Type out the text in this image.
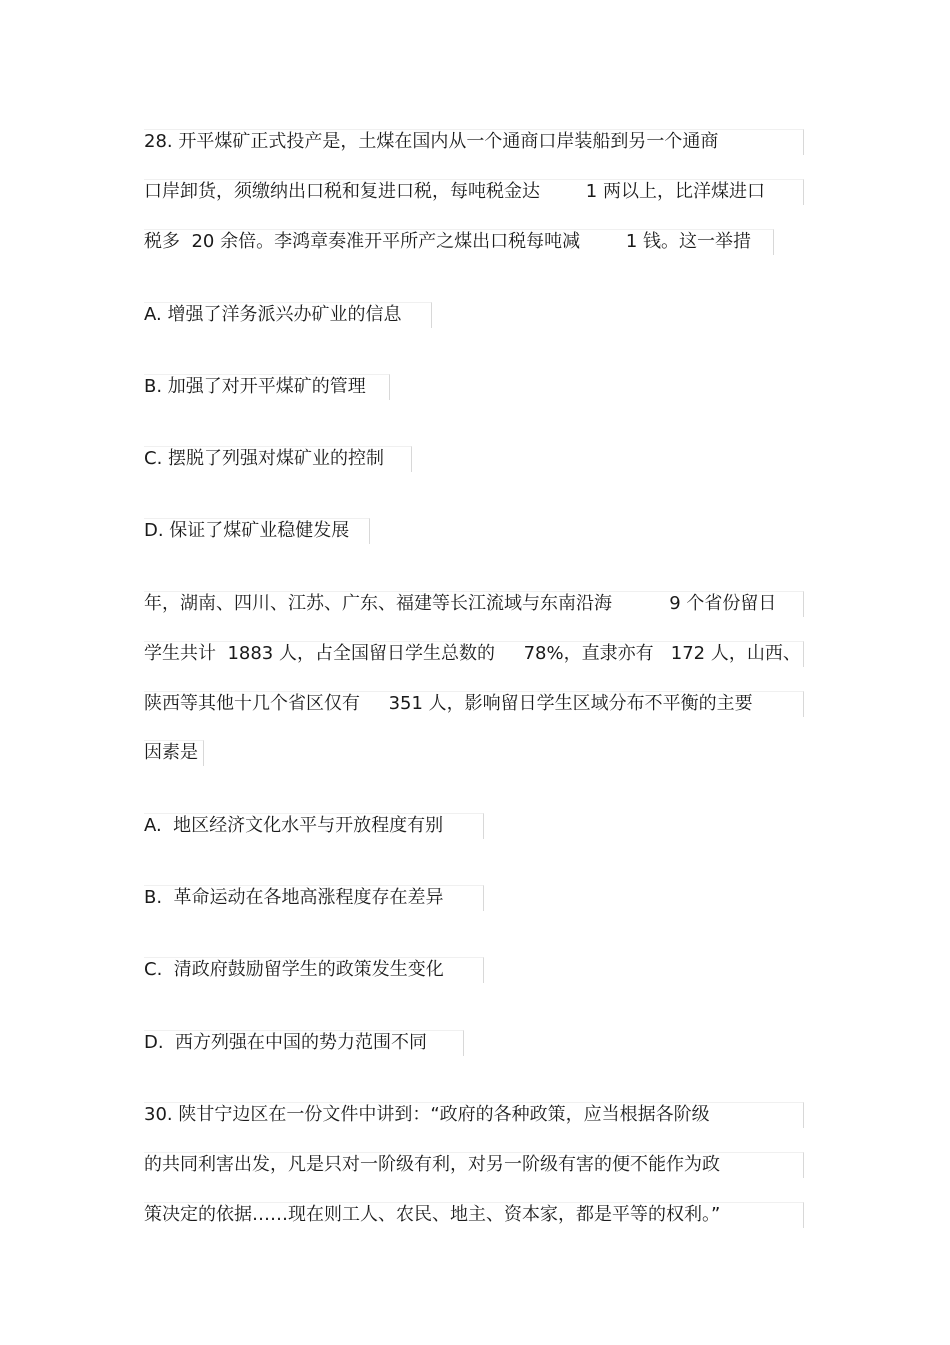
28. 开平煤矿正式投产是，土煤在国内从一个通商口岸装船到另一个通商
口岸卸货，须缴纳出口税和复进口税，每吨税金达        1 两以上，比洋煤进口
税多  20 余倍。李鸿章奏准开平所产之煤出口税每吨减        1 钱。这一举措
A. 增强了洋务派兴办矿业的信息
B. 加强了对开平煤矿的管理
C. 摆脱了列强对煤矿业的控制
D. 保证了煤矿业稳健发展
年，湖南、四川、江苏、广东、福建等长江流域与东南沿海          9 个省份留日
学生共计  1883 人，占全国留日学生总数的     78%，直隶亦有   172 人，山西、
陕西等其他十几个省区仅有     351 人，影响留日学生区域分布不平衡的主要
因素是
A.  地区经济文化水平与开放程度有别
B.  革命运动在各地高涨程度存在差异
C.  清政府鼓励留学生的政策发生变化
D.  西方列强在中国的势力范围不同
30. 陕甘宁边区在一份文件中讲到：“政府的各种政策，应当根据各阶级
的共同利害出发，凡是只对一阶级有利，对另一阶级有害的便不能作为政
策决定的依据……现在则工人、农民、地主、资本家，都是平等的权利。”
